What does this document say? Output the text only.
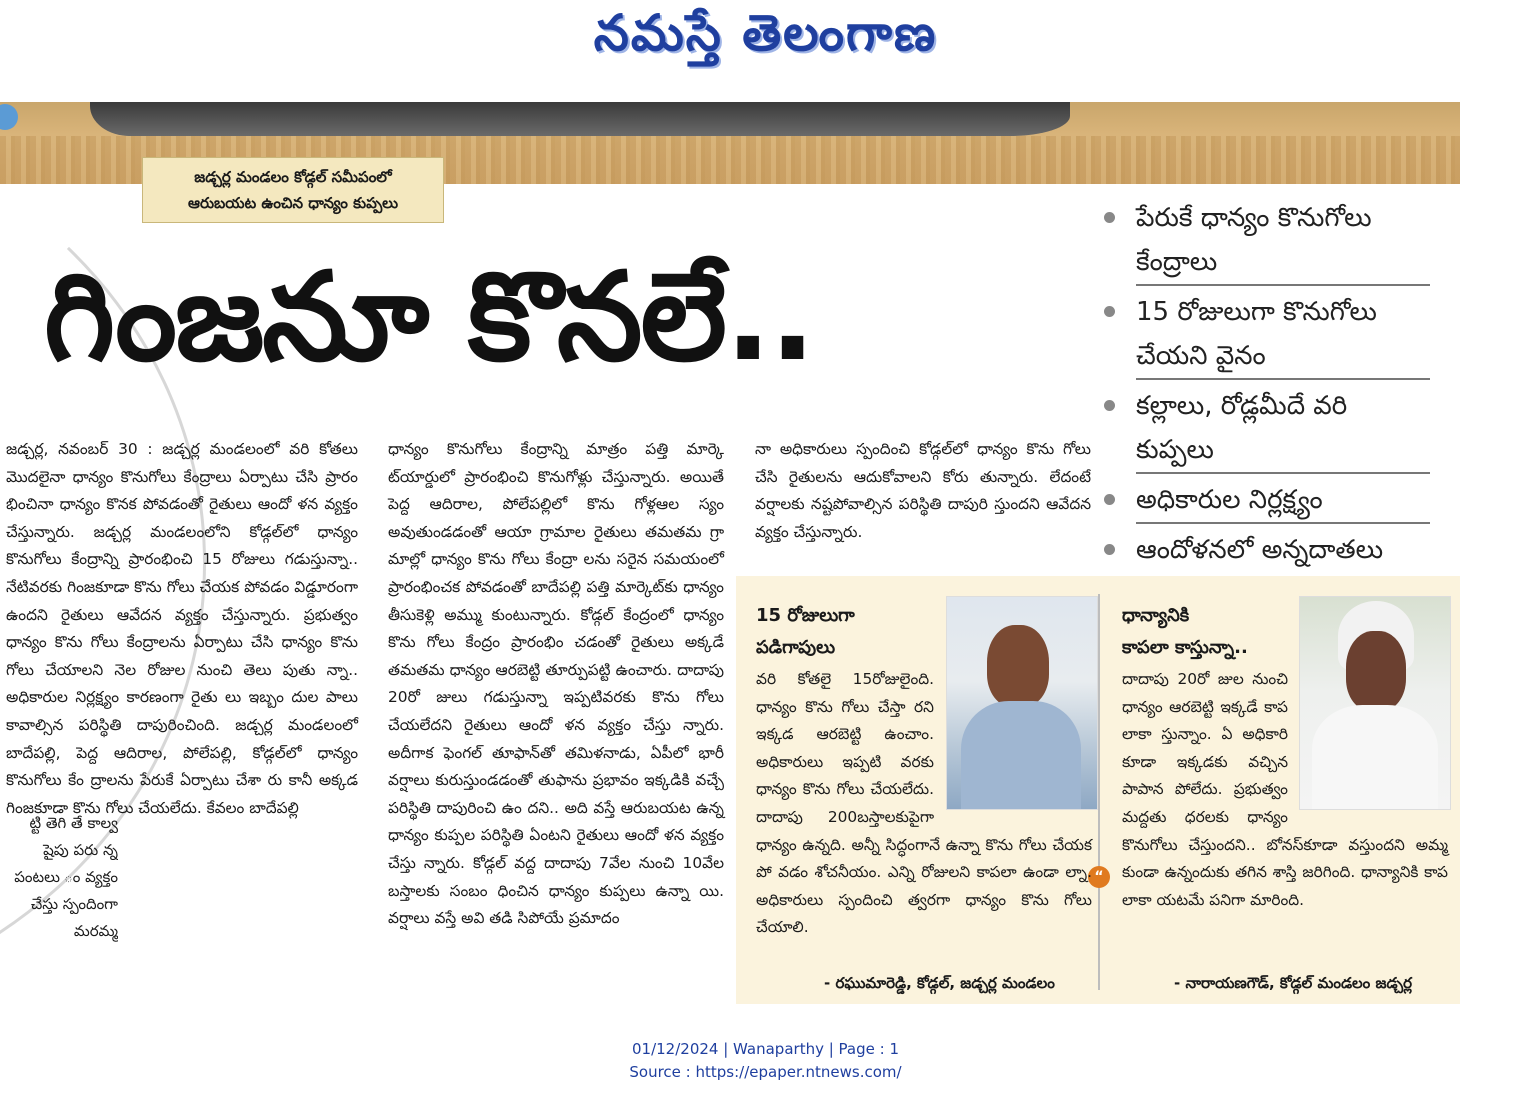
నమస్తే తెలంగాణ
జడ్చర్ల మండలం కోడ్గల్ సమీపంలో
ఆరుబయట ఉంచిన ధాన్యం కుప్పలు
గింజనూ కొనలే..
పేరుకే ధాన్యం కొనుగోలు కేంద్రాలు
15 రోజులుగా కొనుగోలు చేయని వైనం
కల్లాలు, రోడ్లమీదే వరి కుప్పలు
అధికారుల నిర్లక్ష్యం
ఆందోళనలో అన్నదాతలు

జడ్చర్ల, నవంబర్ 30 : జడ్చర్ల మండలంలో వరి కోతలు మొదలైనా ధాన్యం కొనుగోలు కేంద్రాలు ఏర్పాటు చేసి ప్రారం భించినా ధాన్యం కొనక పోవడంతో రైతులు ఆందో ళన వ్యక్తం చేస్తున్నారు. జడ్చర్ల మండలంలోని కోడ్గల్‌లో ధాన్యం కొనుగోలు కేంద్రాన్ని ప్రారంభించి 15 రోజులు గడుస్తున్నా.. నేటివరకు గింజకూడా కొను గోలు చేయక పోవడం విడ్డూరంగా ఉందని రైతులు ఆవేదన వ్యక్తం చేస్తున్నారు. ప్రభుత్వం ధాన్యం కొను గోలు కేంద్రాలను ఏర్పాటు చేసి ధాన్యం కొను గోలు చేయాలని నెల రోజుల నుంచి తెలు పుతు న్నా.. అధికారుల నిర్లక్ష్యం కారణంగా రైతు లు ఇబ్బం దుల పాలు కావాల్సిన పరిస్థితి దాపురించింది. జడ్చర్ల మండలంలో బాదేపల్లి, పెద్ద ఆదిరాల, పోలేపల్లి, కోడ్గల్‌లో ధాన్యం కొనుగోలు కేం ద్రాలను పేరుకే ఏర్పాటు చేశా రు కానీ అక్కడ గింజకూడా కొను గోలు చేయలేదు. కేవలం బాదేపల్లి

ధాన్యం కొనుగోలు కేంద్రాన్ని మాత్రం పత్తి మార్కె ట్‌యార్డులో ప్రారంభించి కొనుగోళ్లు చేస్తున్నారు. అయితే పెద్ద ఆదిరాల, పోలేపల్లిలో కొను గోళ్లఆల స్యం అవుతుండడంతో ఆయా గ్రామాల రైతులు తమతమ గ్రా మాల్లో ధాన్యం కొను గోలు కేంద్రా లను సరైన సమయంలో ప్రారంభించక పోవడంతో బాదేపల్లి పత్తి మార్కెట్‌కు ధాన్యం తీసుకెళ్లి అమ్ము కుంటున్నారు. కోడ్గల్ కేంద్రంలో ధాన్యం కొను గోలు కేంద్రం ప్రారంభిం చడంతో రైతులు అక్కడే తమతమ ధాన్యం ఆరబెట్టి తూర్పుపట్టి ఉంచారు. దాదాపు 20రో జులు గడుస్తున్నా ఇప్పటివరకు కొను గోలు చేయలేదని రైతులు ఆందో ళన వ్యక్తం చేస్తు న్నారు. అదీగాక ఫెంగల్ తూఫాన్‌తో తమిళనాడు, ఏపీలో భారీ వర్షాలు కురుస్తుండడంతో తుఫాను ప్రభావం ఇక్కడికి వచ్చే పరిస్థితి దాపురించి ఉం దని.. అది వస్తే ఆరుబయట ఉన్న ధాన్యం కుప్పల పరిస్థితి ఏంటని రైతులు ఆందో ళన వ్యక్తం చేస్తు న్నారు. కోడ్గల్ వద్ద దాదాపు 7వేల నుంచి 10వేల బస్తాలకు సంబం ధించిన ధాన్యం కుప్పలు ఉన్నా యి. వర్షాలు వస్తే అవి తడి సిపోయే ప్రమాదం

నా అధికారులు స్పందించి కోడ్గల్‌లో ధాన్యం కొను గోలు చేసి రైతులను ఆదుకోవాలని కోరు తున్నారు. లేదంటే వర్షాలకు నష్టపోవాల్సిన పరిస్థితి దాపురి స్తుందని ఆవేదన వ్యక్తం చేస్తున్నారు.

ట్టి తెగి తే కాల్వ షైపు పరు న్న పంటలు ం వ్యక్తం చేస్తు స్పందింగా మరమ్మ
“
15 రోజులుగా
పడిగాపులు
వరి కోతలై 15రోజులైంది. ధాన్యం కొను గోలు చేస్తా రని ఇక్కడ ఆరబెట్టి ఉంచాం. అధికారులు ఇప్పటి వరకు ధాన్యం కొను గోలు చేయలేదు. దాదాపు 200బస్తాలకుపైగా ధాన్యం ఉన్నది. అన్నీ సిద్ధంగానే ఉన్నా కొను గోలు చేయక పో వడం శోచనీయం. ఎన్ని రోజులని కాపలా ఉండా ల్నా. అధికారులు స్పందించి త్వరగా ధాన్యం కొను గోలు చేయాలి.
- రఘుమారెడ్డి, కోడ్గల్, జడ్చర్ల మండలం
ధాన్యానికి
కాపలా కాస్తున్నా..
దాదాపు 20రో జుల నుంచి ధాన్యం ఆరబెట్టి ఇక్కడే కాప లాకా స్తున్నాం. ఏ అధికారి కూడా ఇక్కడకు వచ్చిన పాపాన పోలేదు. ప్రభుత్వం మద్దతు ధరలకు ధాన్యం కొనుగోలు చేస్తుందని.. బోనస్‌కూడా వస్తుందని అమ్మ కుండా ఉన్నందుకు తగిన శాస్తి జరిగింది. ధాన్యానికి కాప లాకా యటమే పనిగా మారింది.
- నారాయణగౌడ్, కోడ్గల్ మండలం జడ్చర్ల
01/12/2024 | Wanaparthy | Page : 1
Source : https://epaper.ntnews.com/
